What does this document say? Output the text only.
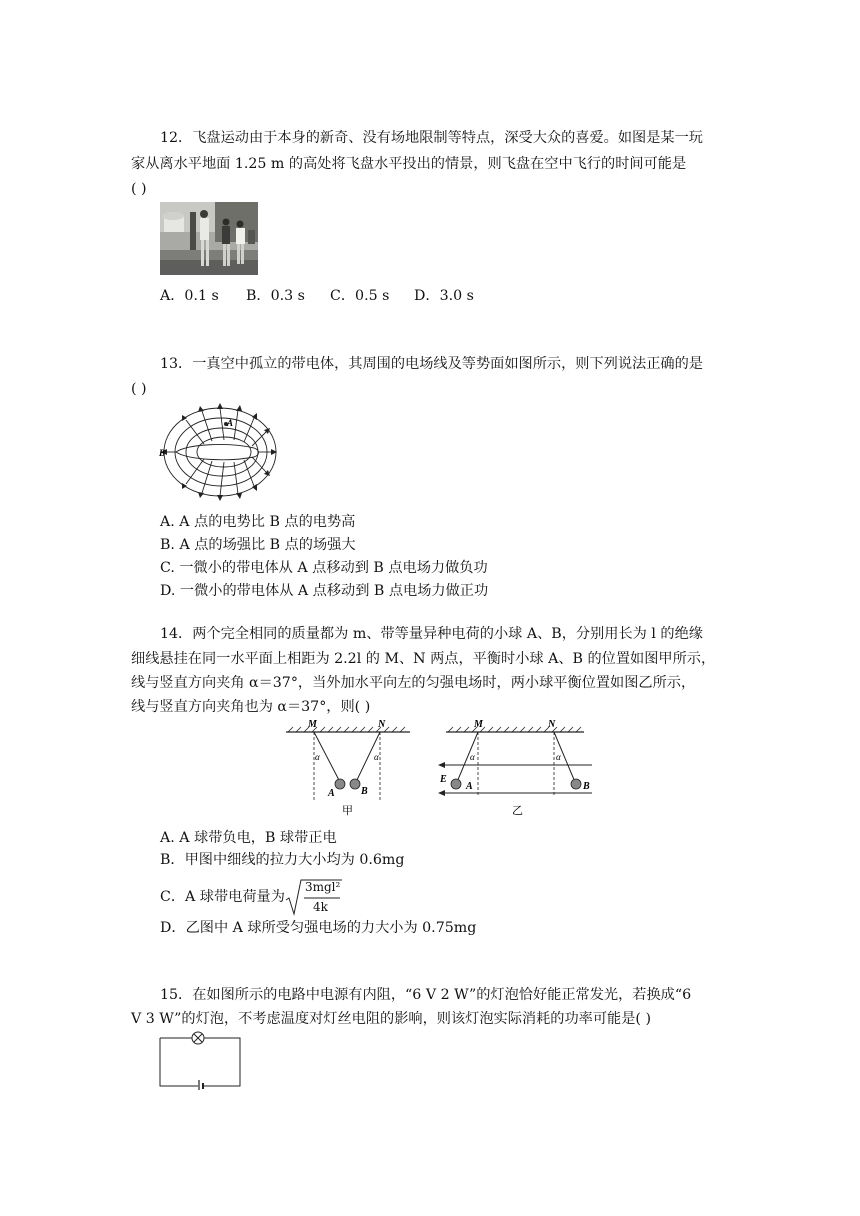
12．飞盘运动由于本身的新奇、没有场地限制等特点，深受大众的喜爱。如图是某一玩
家从离水平地面 1.25 m 的高处将飞盘水平投出的情景，则飞盘在空中飞行的时间可能是
( )
A．0.1 s B．0.3 s C．0.5 s D．3.0 s
13．一真空中孤立的带电体，其周围的电场线及等势面如图所示，则下列说法正确的是
( )
A
B
A. A 点的电势比 B 点的电势高
B. A 点的场强比 B 点的场强大
C. 一微小的带电体从 A 点移动到 B 点电场力做负功
D. 一微小的带电体从 A 点移动到 B 点电场力做正功
14．两个完全相同的质量都为 m、带等量异种电荷的小球 A、B，分别用长为 l 的绝缘
细线悬挂在同一水平面上相距为 2.2l 的 M、N 两点，平衡时小球 A、B 的位置如图甲所示，
线与竖直方向夹角 α＝37°，当外加水平向左的匀强电场时，两小球平衡位置如图乙所示，
线与竖直方向夹角也为 α＝37°，则( )
M	N
α	α
A	B
甲
M	N
α	α
E
A	B
乙
A. A 球带负电，B 球带正电
B．甲图中细线的拉力大小均为 0.6mg
C．A 球带电荷量为
3mgl²
4k
D．乙图中 A 球所受匀强电场的力大小为 0.75mg
15．在如图所示的电路中电源有内阻，“6 V 2 W”的灯泡恰好能正常发光，若换成“6
V 3 W”的灯泡，不考虑温度对灯丝电阻的影响，则该灯泡实际消耗的功率可能是( )
